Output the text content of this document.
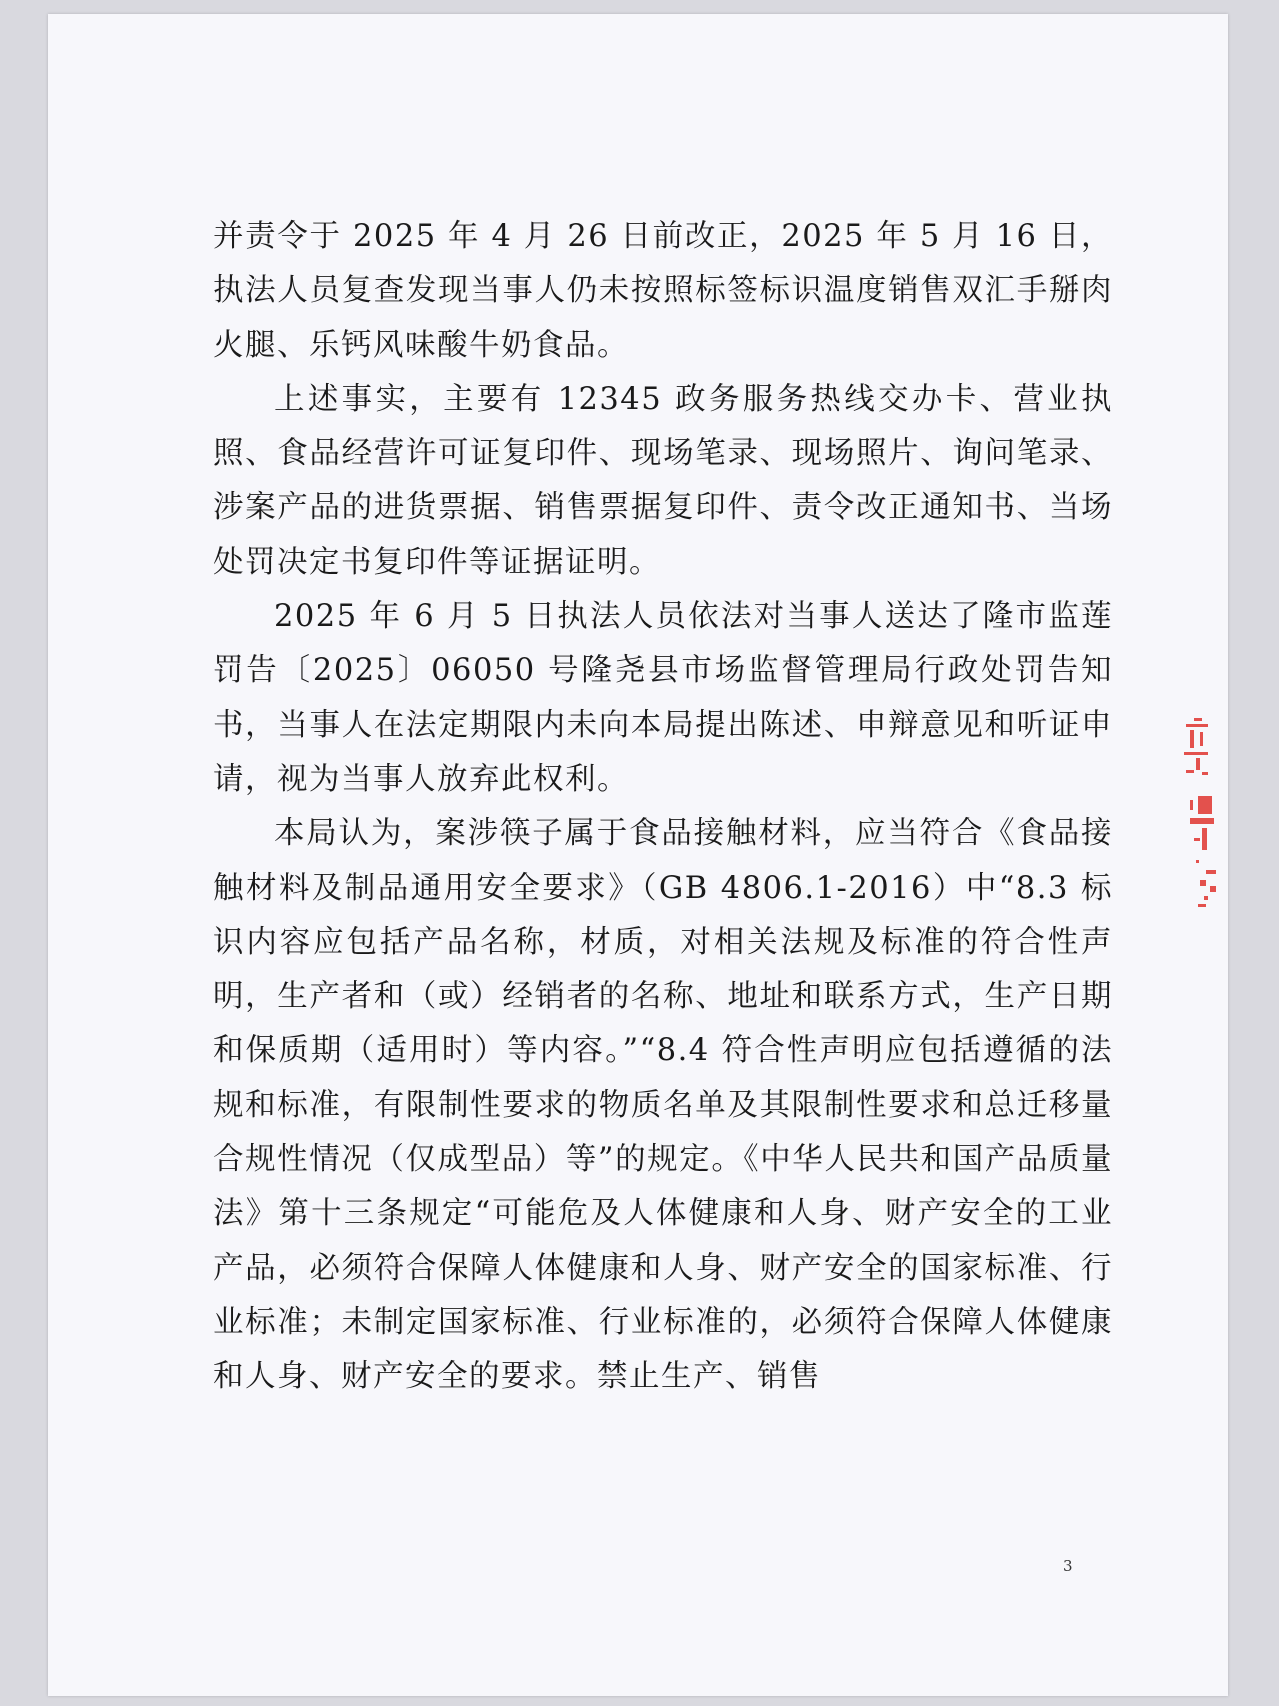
并责令于 2025 年 4 月 26 日前改正，2025 年 5 月 16 日，执法人员复查发现当事人仍未按照标签标识温度销售双汇手掰肉火腿、乐钙风味酸牛奶食品。

上述事实，主要有 12345 政务服务热线交办卡、营业执照、食品经营许可证复印件、现场笔录、现场照片、询问笔录、涉案产品的进货票据、销售票据复印件、责令改正通知书、当场处罚决定书复印件等证据证明。

2025 年 6 月 5 日执法人员依法对当事人送达了隆市监莲罚告〔2025〕06050 号隆尧县市场监督管理局行政处罚告知书，当事人在法定期限内未向本局提出陈述、申辩意见和听证申请，视为当事人放弃此权利。

本局认为，案涉筷子属于食品接触材料，应当符合《食品接触材料及制品通用安全要求》（GB 4806.1-2016）中“8.3 标识内容应包括产品名称，材质，对相关法规及标准的符合性声明，生产者和（或）经销者的名称、地址和联系方式，生产日期和保质期（适用时）等内容。”“8.4 符合性声明应包括遵循的法规和标准，有限制性要求的物质名单及其限制性要求和总迁移量合规性情况（仅成型品）等”的规定。《中华人民共和国产品质量法》第十三条规定“可能危及人体健康和人身、财产安全的工业产品，必须符合保障人体健康和人身、财产安全的国家标准、行业标准；未制定国家标准、行业标准的，必须符合保障人体健康和人身、财产安全的要求。禁止生产、销售

3
